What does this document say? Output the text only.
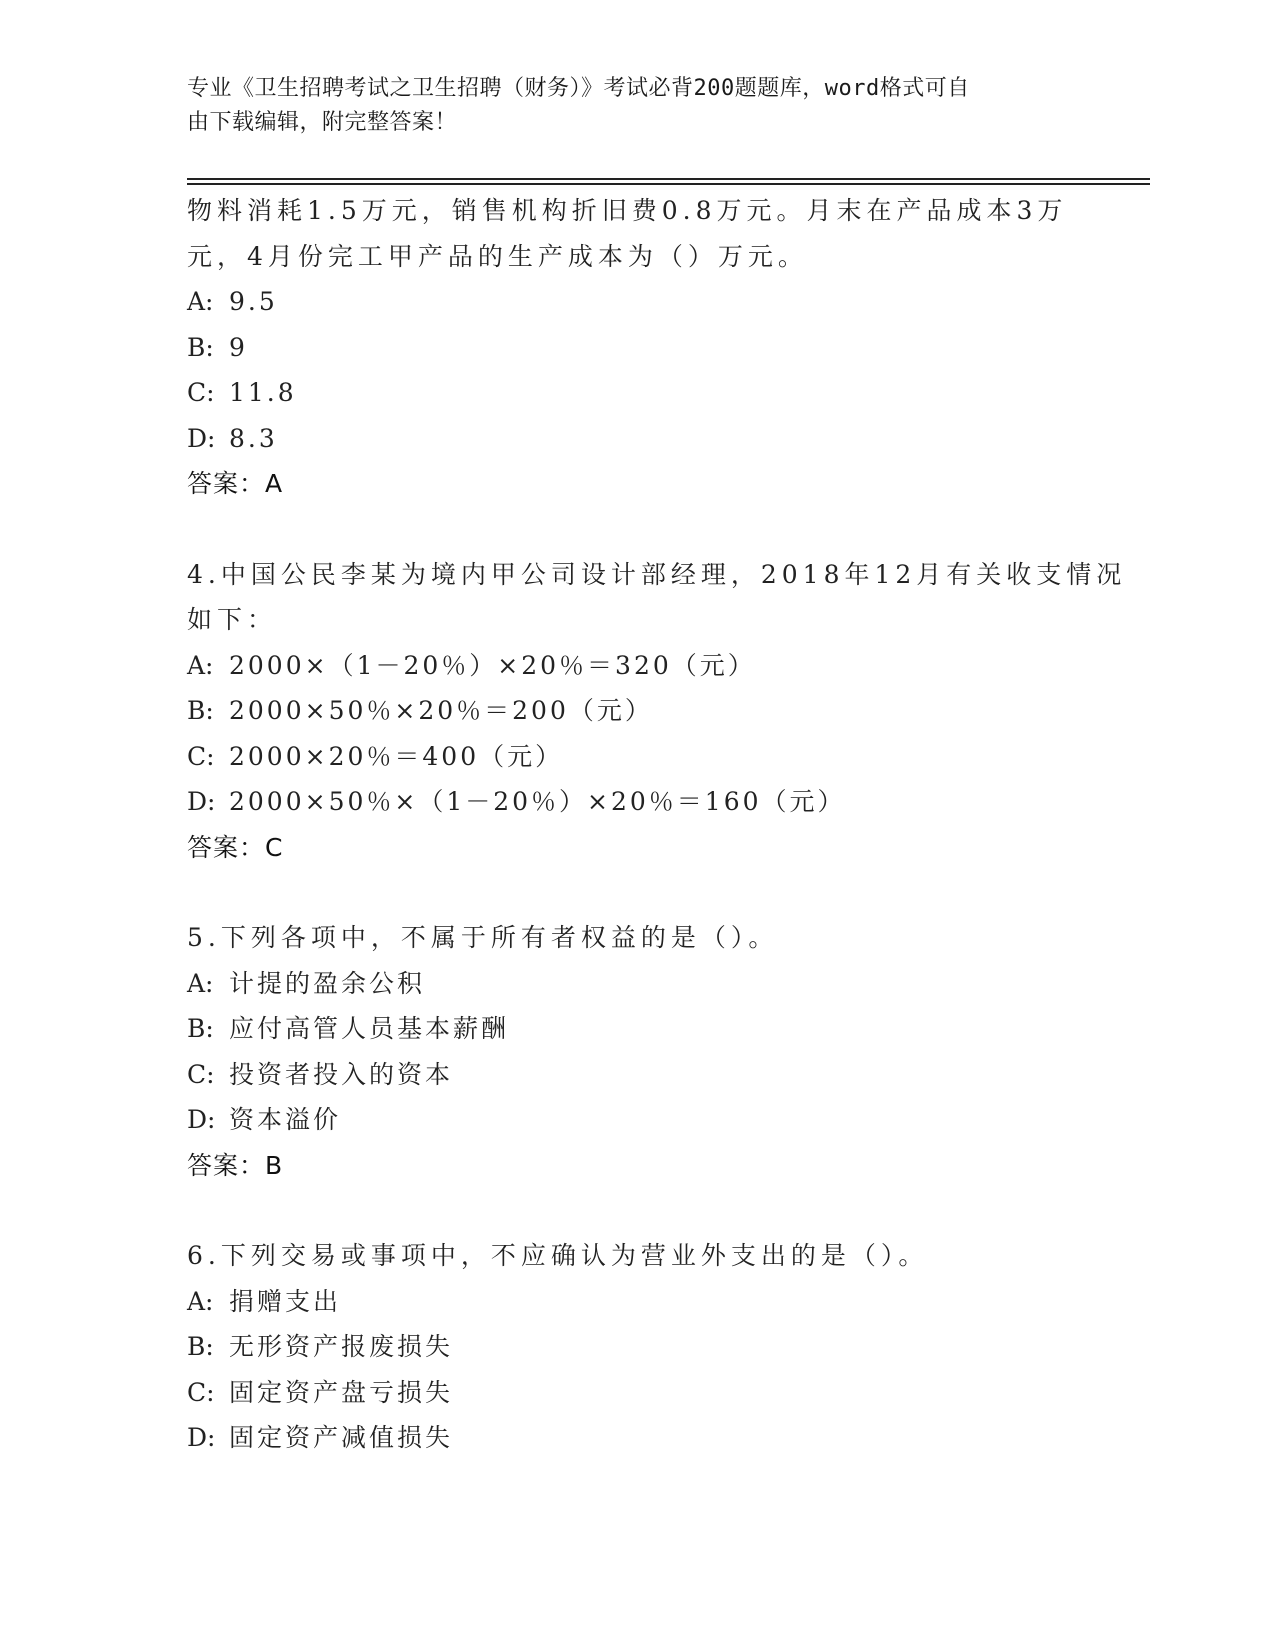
专业《卫生招聘考试之卫生招聘（财务）》考试必背200题题库，word格式可自
由下载编辑，附完整答案！
物料消耗1.5万元，销售机构折旧费0.8万元。月末在产品成本3万
元，4月份完工甲产品的生产成本为（）万元。
A: 9.5
B: 9
C: 11.8
D: 8.3
答案：A
4.中国公民李某为境内甲公司设计部经理，2018年12月有关收支情况
如下：
A: 2000×（1－20％）×20％＝320（元）
B: 2000×50％×20％＝200（元）
C: 2000×20％＝400（元）
D: 2000×50％×（1－20％）×20％＝160（元）
答案：C
5.下列各项中，不属于所有者权益的是（）。
A: 计提的盈余公积
B: 应付高管人员基本薪酬
C: 投资者投入的资本
D: 资本溢价
答案：B
6.下列交易或事项中，不应确认为营业外支出的是（）。
A: 捐赠支出
B: 无形资产报废损失
C: 固定资产盘亏损失
D: 固定资产减值损失
